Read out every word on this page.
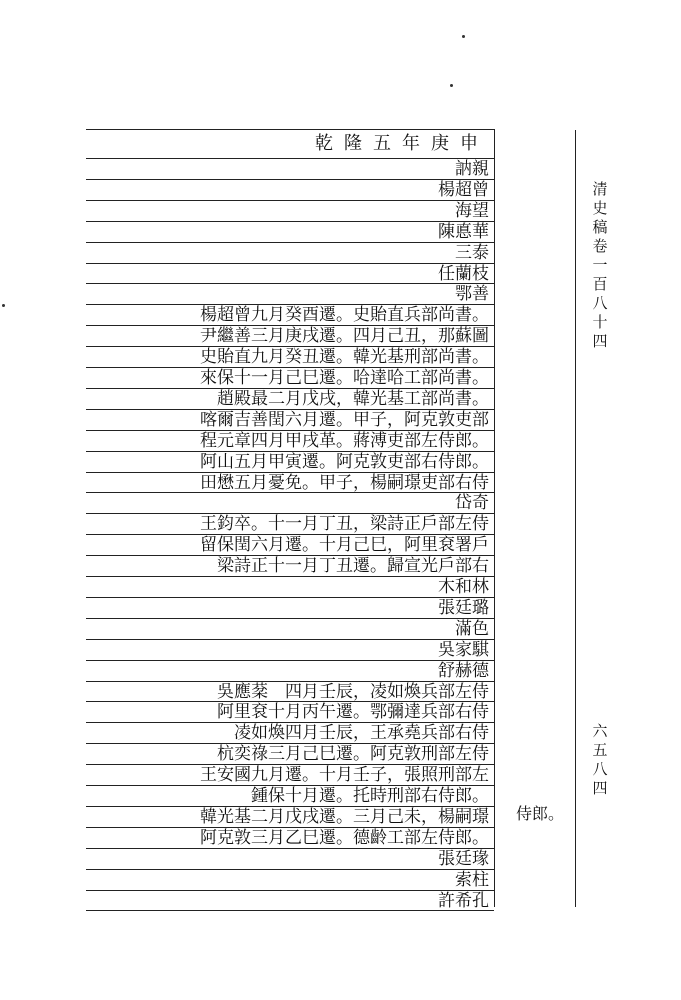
乾隆五年庚申
訥親
楊超曾
海望
陳悳華
三泰
任蘭枝
鄂善
楊超曾九月癸酉遷。史貽直兵部尚書。
尹繼善三月庚戌遷。四月己丑，那蘇圖
史貽直九月癸丑遷。韓光基刑部尚書。
來保十一月己巳遷。哈達哈工部尚書。
趙殿最二月戊戌，韓光基工部尚書。
喀爾吉善閏六月遷。甲子，阿克敦吏部
程元章四月甲戌革。蔣溥吏部左侍郎。
阿山五月甲寅遷。阿克敦吏部右侍郎。
田懋五月憂免。甲子，楊嗣璟吏部右侍
岱奇
王鈞卒。十一月丁丑，梁詩正戶部左侍
留保閏六月遷。十月己巳，阿里袞署戶
梁詩正十一月丁丑遷。歸宣光戶部右
木和林
張廷璐
滿色
吳家騏
舒赫德
吳應棻　四月壬辰，凌如煥兵部左侍
阿里袞十月丙午遷。鄂彌達兵部右侍
凌如煥四月壬辰，王承堯兵部右侍
杭奕祿三月己巳遷。阿克敦刑部左侍
王安國九月遷。十月壬子，張照刑部左
鍾保十月遷。托時刑部右侍郎。
韓光基二月戊戌遷。三月己未，楊嗣璟
阿克敦三月乙巳遷。德齡工部左侍郎。
張廷瑑
索柱
許希孔
侍郎。
清史稿卷一百八十四
六五八四
